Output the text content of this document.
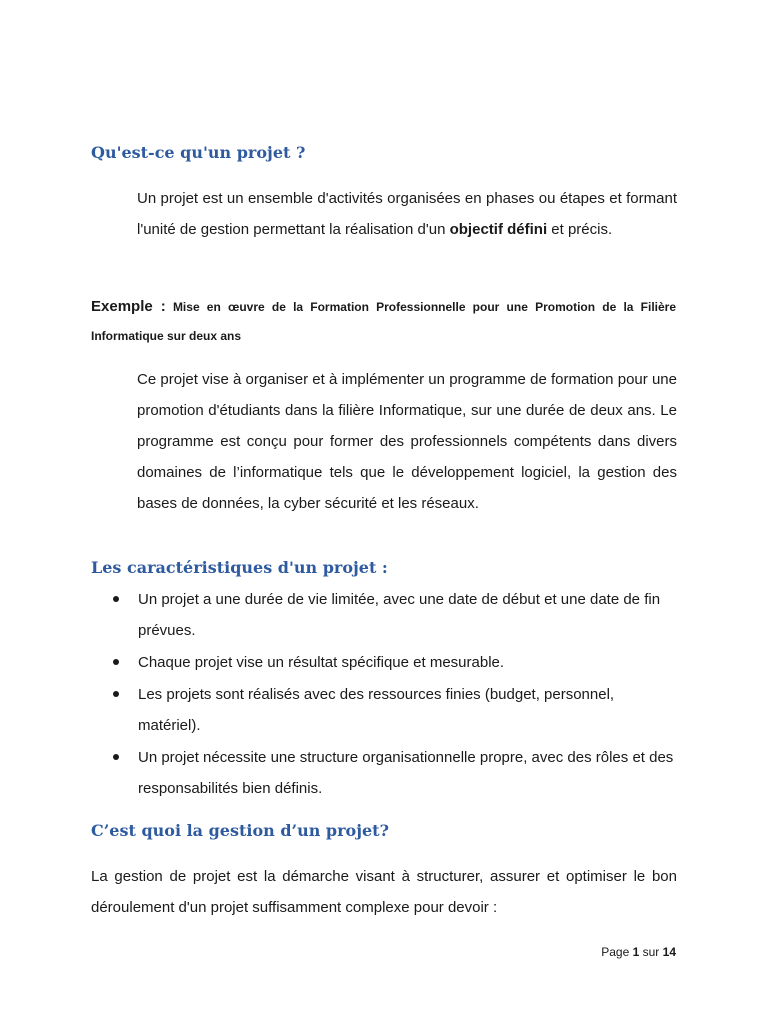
Qu'est-ce qu'un projet ?

Un projet est un ensemble d'activités organisées en phases ou étapes et formant l'unité de gestion permettant la réalisation d'un objectif défini et précis.

Exemple : Mise en œuvre de la Formation Professionnelle pour une Promotion de la Filière Informatique sur deux ans

Ce projet vise à organiser et à implémenter un programme de formation pour une promotion d'étudiants dans la filière Informatique, sur une durée de deux ans. Le programme est conçu pour former des professionnels compétents dans divers domaines de l’informatique tels que le développement logiciel, la gestion des bases de données, la cyber sécurité et les réseaux.

Les caractéristiques d'un projet :
Un projet a une durée de vie limitée, avec une date de début et une date de fin prévues.
Chaque projet vise un résultat spécifique et mesurable.
Les projets sont réalisés avec des ressources finies (budget, personnel, matériel).
Un projet nécessite une structure organisationnelle propre, avec des rôles et des responsabilités bien définis.
C’est quoi la gestion d’un projet?

La gestion de projet est la démarche visant à structurer, assurer et optimiser le bon déroulement d'un projet suffisamment complexe pour devoir :

Page 1 sur 14
